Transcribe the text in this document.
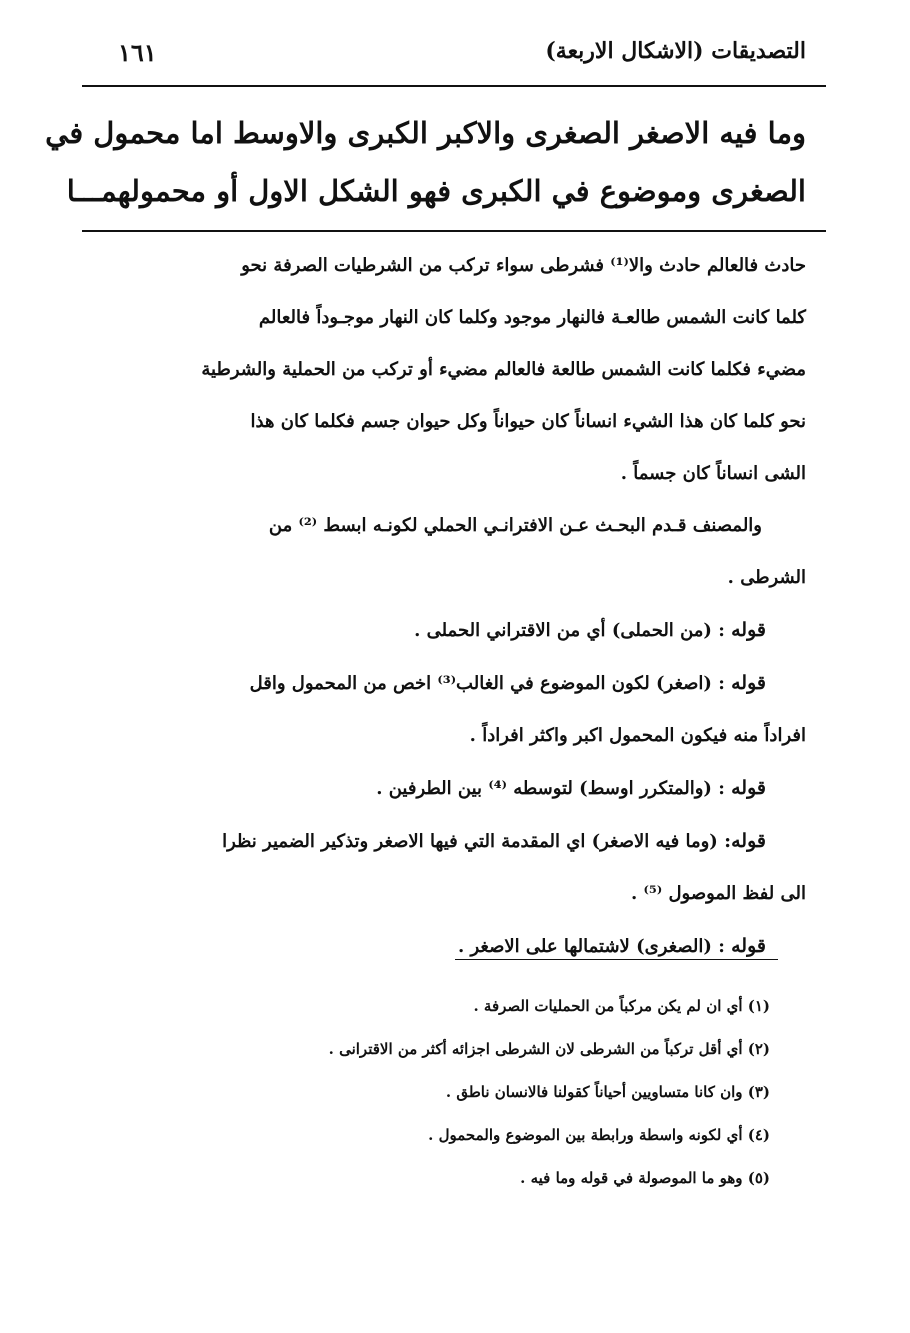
التصديقات (الاشكال الاربعة)
١٦١
وما فيه الاصغر الصغرى والاكبر الكبرى والاوسط اما محمول في
الصغرى وموضوع في الكبرى فهو الشكل الاول أو محمولهمـــا
حادث فالعالم حادث والا⁽¹⁾ فشرطى سواء تركب من الشرطيات الصرفة نحو
كلما كانت الشمس طالعـة فالنهار موجود وكلما كان النهار موجـوداً فالعالم
مضيء فكلما كانت الشمس طالعة فالعالم مضيء أو تركب من الحملية والشرطية
نحو كلما كان هذا الشيء انساناً كان حيواناً وكل حيوان جسم فكلما كان هذا
الشى انساناً كان جسماً .
والمصنف قـدم البحـث عـن الافترانـي الحملي لكونـه ابسط ⁽²⁾ من
الشرطى .
قوله : (من الحملى) أي من الاقتراني الحملى .
قوله : (اصغر) لكون الموضوع في الغالب⁽³⁾ اخص من المحمول واقل
افراداً منه فيكون المحمول اكبر واكثر افراداً .
قوله : (والمتكرر اوسط) لتوسطه ⁽⁴⁾ بين الطرفين .
قوله: (وما فيه الاصغر) اي المقدمة التي فيها الاصغر وتذكير الضمير نظرا
الى لفظ الموصول ⁽⁵⁾ .
قوله : (الصغرى) لاشتمالها على الاصغر .
(١) أي ان لم يكن مركباً من الحمليات الصرفة .
(٢) أي أقل تركباً من الشرطى لان الشرطى اجزائه أكثر من الاقترانى .
(٣) وان كانا متساويين أحياناً كقولنا فالانسان ناطق .
(٤) أي لكونه واسطة ورابطة بين الموضوع والمحمول .
(٥) وهو ما الموصولة في قوله وما فيه .
